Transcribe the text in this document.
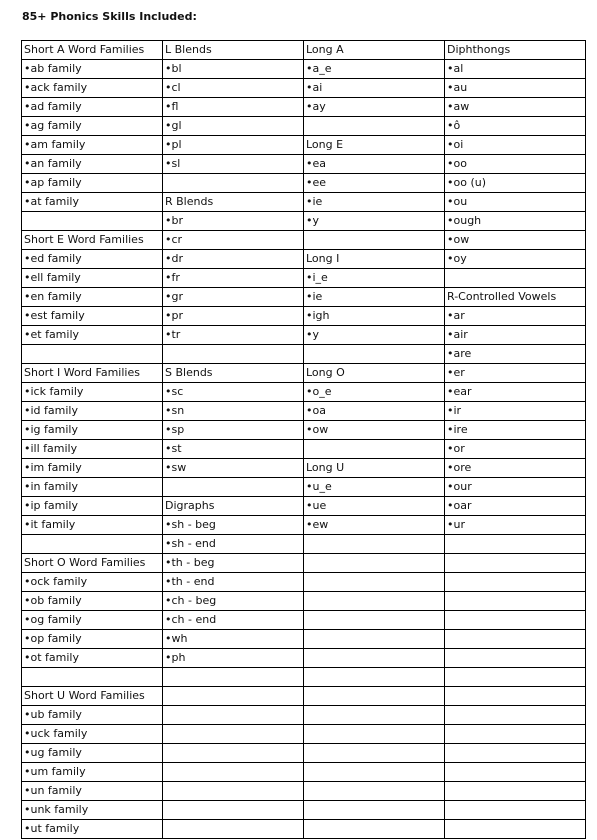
85+ Phonics Skills Included:
Short A Word Families	L Blends	Long A	Diphthongs
•ab family	•bl	•a_e	•al
•ack family	•cl	•ai	•au
•ad family	•fl	•ay	•aw
•ag family	•gl		•ô
•am family	•pl	Long E	•oi
•an family	•sl	•ea	•oo
•ap family		•ee	•oo (u)
•at family	R Blends	•ie	•ou
	•br	•y	•ough
Short E Word Families	•cr		•ow
•ed family	•dr	Long I	•oy
•ell family	•fr	•i_e	
•en family	•gr	•ie	R-Controlled Vowels
•est family	•pr	•igh	•ar
•et family	•tr	•y	•air
			•are
Short I Word Families	S Blends	Long O	•er
•ick family	•sc	•o_e	•ear
•id family	•sn	•oa	•ir
•ig family	•sp	•ow	•ire
•ill family	•st		•or
•im family	•sw	Long U	•ore
•in family		•u_e	•our
•ip family	Digraphs	•ue	•oar
•it family	•sh - beg	•ew	•ur
	•sh - end		
Short O Word Families	•th - beg		
•ock family	•th - end		
•ob family	•ch - beg		
•og family	•ch - end		
•op family	•wh		
•ot family	•ph		

Short U Word Families			
•ub family			
•uck family			
•ug family			
•um family			
•un family			
•unk family			
•ut family			
